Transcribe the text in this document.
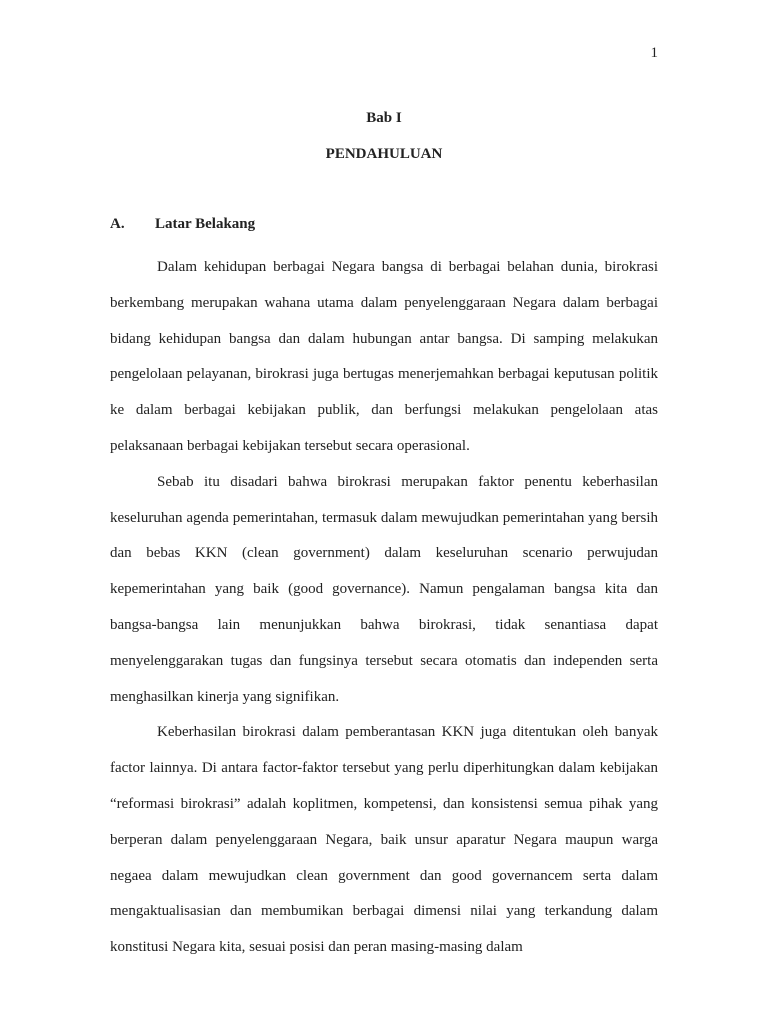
1
Bab I
PENDAHULUAN
A. Latar Belakang

Dalam kehidupan berbagai Negara bangsa di berbagai belahan dunia, birokrasi berkembang merupakan wahana utama dalam penyelenggaraan Negara dalam berbagai bidang kehidupan bangsa dan dalam hubungan antar bangsa. Di samping melakukan pengelolaan pelayanan, birokrasi juga bertugas menerjemahkan berbagai keputusan politik ke dalam berbagai kebijakan publik, dan berfungsi melakukan pengelolaan atas pelaksanaan berbagai kebijakan tersebut secara operasional.

Sebab itu disadari bahwa birokrasi merupakan faktor penentu keberhasilan keseluruhan agenda pemerintahan, termasuk dalam mewujudkan pemerintahan yang bersih dan bebas KKN (clean government) dalam keseluruhan scenario perwujudan kepemerintahan yang baik (good governance). Namun pengalaman bangsa kita dan bangsa-bangsa lain menunjukkan bahwa birokrasi, tidak senantiasa dapat menyelenggarakan tugas dan fungsinya tersebut secara otomatis dan independen serta menghasilkan kinerja yang signifikan.

Keberhasilan birokrasi dalam pemberantasan KKN juga ditentukan oleh banyak factor lainnya. Di antara factor-faktor tersebut yang perlu diperhitungkan dalam kebijakan “reformasi birokrasi” adalah koplitmen, kompetensi, dan konsistensi semua pihak yang berperan dalam penyelenggaraan Negara, baik unsur aparatur Negara maupun warga negaea dalam mewujudkan clean government dan good governancem serta dalam mengaktualisasian dan membumikan berbagai dimensi nilai yang terkandung dalam konstitusi Negara kita, sesuai posisi dan peran masing-masing dalam
